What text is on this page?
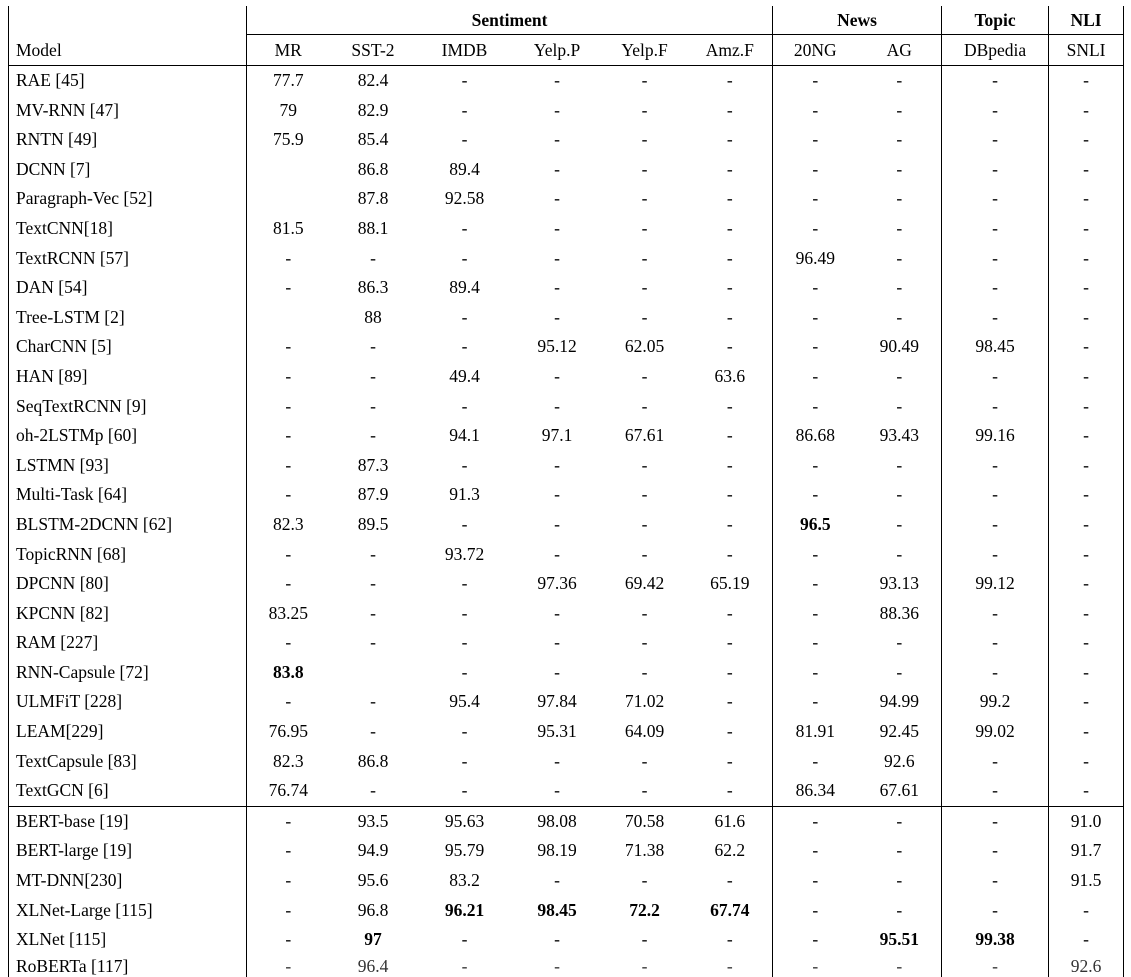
	Sentiment						News		Topic	NLI
Model	MR	SST-2	IMDB	Yelp.P	Yelp.F	Amz.F	20NG	AG	DBpedia	SNLI
RAE [45]	77.7	82.4	-	-	-	-	-	-	-	-
MV-RNN [47]	79	82.9	-	-	-	-	-	-	-	-
RNTN [49]	75.9	85.4	-	-	-	-	-	-	-	-
DCNN [7]		86.8	89.4	-	-	-	-	-	-	-
Paragraph-Vec [52]		87.8	92.58	-	-	-	-	-	-	-
TextCNN[18]	81.5	88.1	-	-	-	-	-	-	-	-
TextRCNN [57]	-	-	-	-	-	-	96.49	-	-	-
DAN [54]	-	86.3	89.4	-	-	-	-	-	-	-
Tree-LSTM [2]		88	-	-	-	-	-	-	-	-
CharCNN [5]	-	-	-	95.12	62.05	-	-	90.49	98.45	-
HAN [89]	-	-	49.4	-	-	63.6	-	-	-	-
SeqTextRCNN [9]	-	-	-	-	-	-	-	-	-	-
oh-2LSTMp [60]	-	-	94.1	97.1	67.61	-	86.68	93.43	99.16	-
LSTMN [93]	-	87.3	-	-	-	-	-	-	-	-
Multi-Task [64]	-	87.9	91.3	-	-	-	-	-	-	-
BLSTM-2DCNN [62]	82.3	89.5	-	-	-	-	96.5	-	-	-
TopicRNN [68]	-	-	93.72	-	-	-	-	-	-	-
DPCNN [80]	-	-	-	97.36	69.42	65.19	-	93.13	99.12	-
KPCNN [82]	83.25	-	-	-	-	-	-	88.36	-	-
RAM [227]	-	-	-	-	-	-	-	-	-	-
RNN-Capsule [72]	83.8		-	-	-	-	-	-	-	-
ULMFiT [228]	-	-	95.4	97.84	71.02	-	-	94.99	99.2	-
LEAM[229]	76.95	-	-	95.31	64.09	-	81.91	92.45	99.02	-
TextCapsule [83]	82.3	86.8	-	-	-	-	-	92.6	-	-
TextGCN [6]	76.74	-	-	-	-	-	86.34	67.61	-	-
BERT-base [19]	-	93.5	95.63	98.08	70.58	61.6	-	-	-	91.0
BERT-large [19]	-	94.9	95.79	98.19	71.38	62.2	-	-	-	91.7
MT-DNN[230]	-	95.6	83.2	-	-	-	-	-	-	91.5
XLNet-Large [115]	-	96.8	96.21	98.45	72.2	67.74	-	-	-	-
XLNet [115]	-	97	-	-	-	-	-	95.51	99.38	-
RoBERTa [117]	-	96.4	-	-	-	-	-	-	-	92.6
